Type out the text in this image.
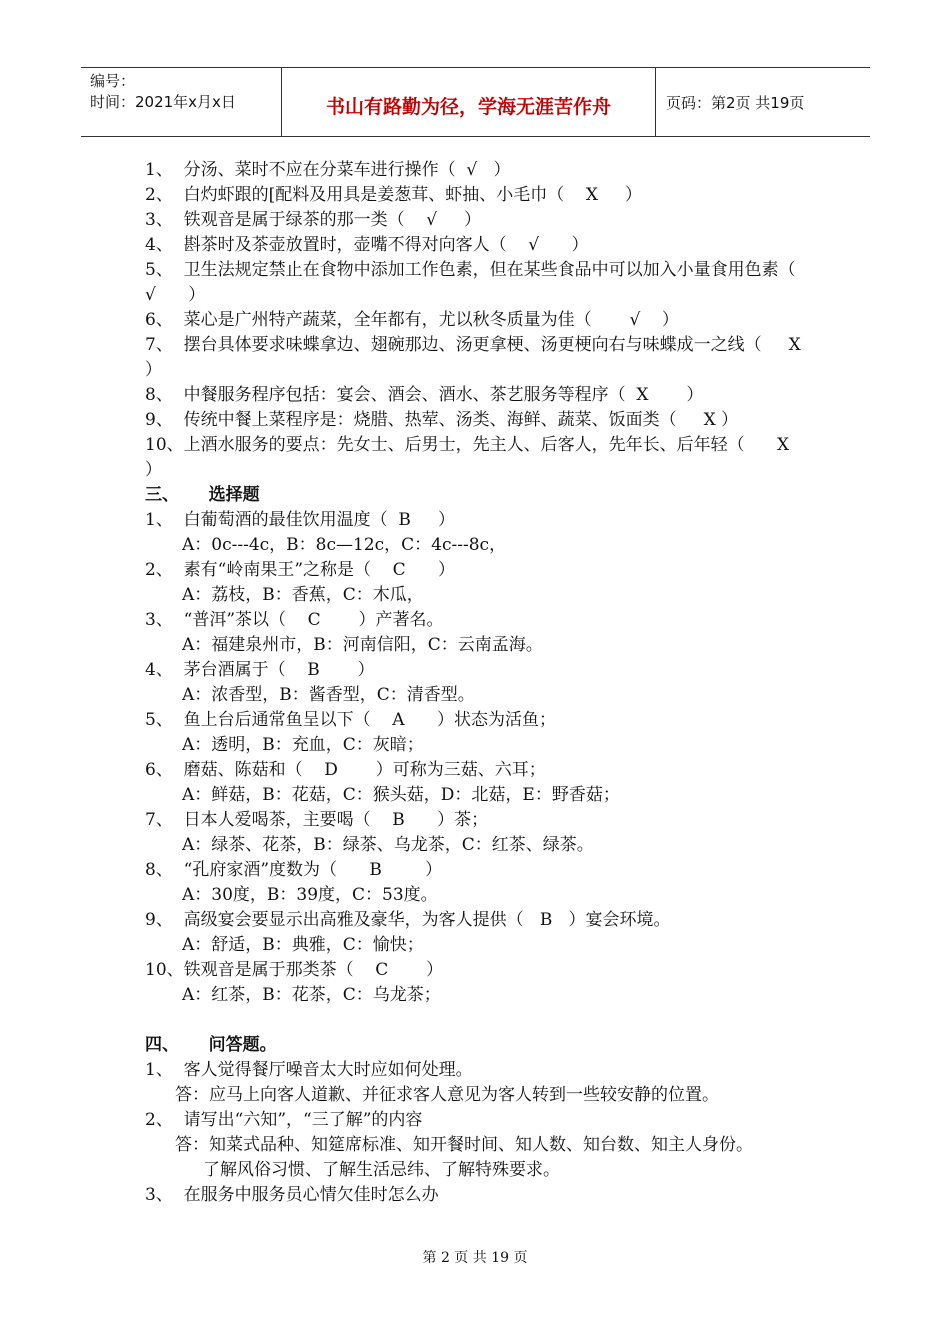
编号：
时间：2021年x月x日	书山有路勤为径，学海无涯苦作舟	页码：第2页 共19页
1、  分汤、菜时不应在分菜车进行操作（  √   ）
2、  白灼虾跟的[配料及用具是姜葱茸、虾抽、小毛巾（    X     ）
3、  铁观音是属于绿茶的那一类（    √     ）
4、  斟茶时及茶壶放置时，壶嘴不得对向客人（    √      ）
5、  卫生法规定禁止在食物中添加工作色素，但在某些食品中可以加入小量食用色素（      √      ）
6、  菜心是广州特产蔬菜，全年都有，尤以秋冬质量为佳（       √    ）
7、  摆台具体要求味蝶拿边、翅碗那边、汤更拿梗、汤更梗向右与味蝶成一之线（     X     ）
8、  中餐服务程序包括：宴会、酒会、酒水、茶艺服务等程序（  X       ）
9、  传统中餐上菜程序是：烧腊、热荤、汤类、海鲜、蔬菜、饭面类（     X ）
10、上酒水服务的要点：先女士、后男士，先主人、后客人，先年长、后年轻（      X        ）
三、     选择题
1、  白葡萄酒的最佳饮用温度（  B     ）
A：0c---4c，B：8c—12c，C：4c---8c，
2、  素有“岭南果王”之称是（    C      ）
A：荔枝，B：香蕉，C：木瓜，
3、  “普洱”茶以（    C       ）产著名。
A：福建泉州市，B：河南信阳，C：云南孟海。
4、  茅台酒属于（    B       ）
A：浓香型，B：酱香型，C：清香型。
5、  鱼上台后通常鱼呈以下（    A      ）状态为活鱼；
A：透明，B：充血，C：灰暗；
6、  磨菇、陈菇和（    D       ）可称为三菇、六耳；
A：鲜菇，B：花菇，C：猴头菇，D：北菇，E：野香菇；
7、  日本人爱喝茶，主要喝（    B      ）茶；
A：绿茶、花茶，B：绿茶、乌龙茶，C：红茶、绿茶。
8、  “孔府家酒”度数为（      B        ）
A：30度，B：39度，C：53度。
9、  高级宴会要显示出高雅及豪华，为客人提供（   B   ）宴会环境。
A：舒适，B：典雅，C：愉快；
10、铁观音是属于那类茶（    C       ）
A：红茶，B：花茶，C：乌龙茶；
四、     问答题。
1、  客人觉得餐厅噪音太大时应如何处理。
答：应马上向客人道歉、并征求客人意见为客人转到一些较安静的位置。
2、  请写出“六知”，“三了解”的内容
答：知菜式品种、知筵席标准、知开餐时间、知人数、知台数、知主人身份。
了解风俗习惯、了解生活忌纬、了解特殊要求。
3、  在服务中服务员心情欠佳时怎么办
第 2 页 共 19 页
